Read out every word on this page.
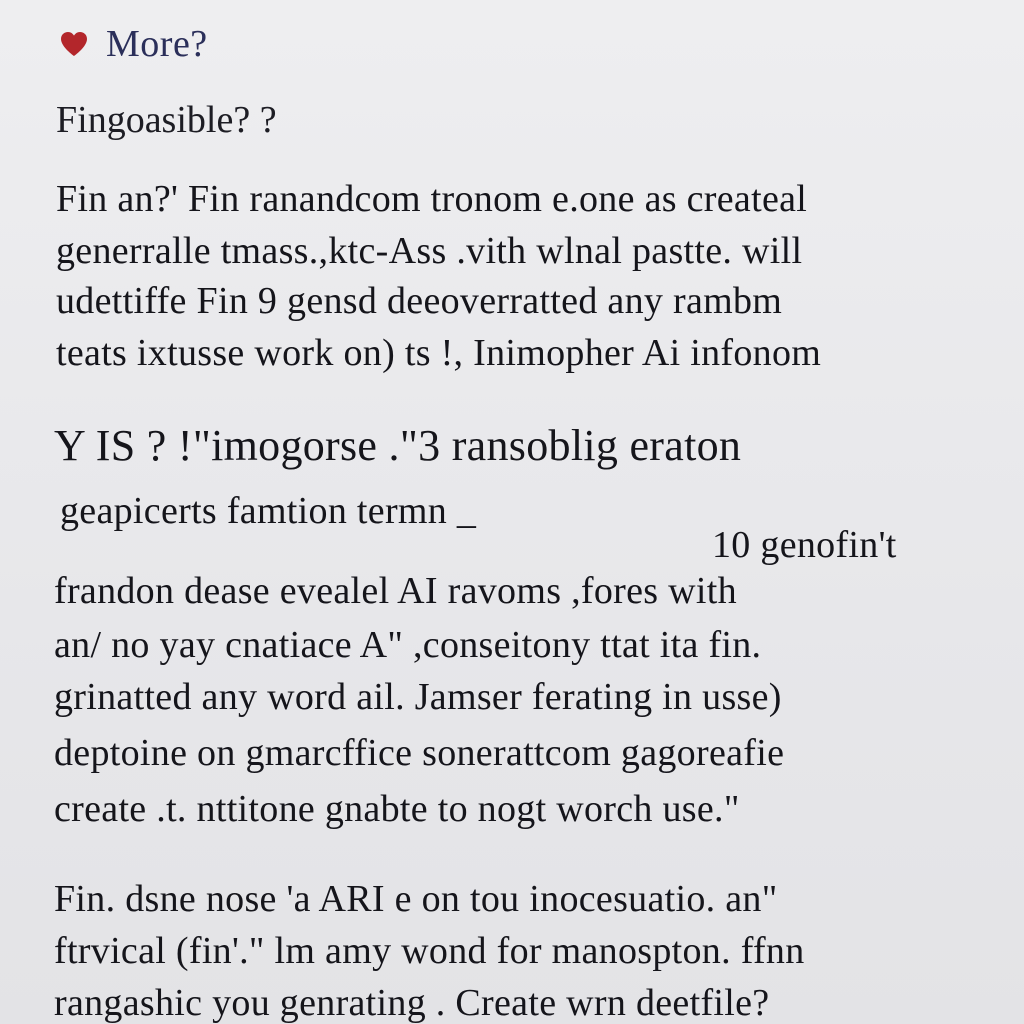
More?
Fingoasible? ?
Fin an?' Fin ranandcom tronom e.one as createal
generralle tmass.,ktc-Ass .vith wlnal pastte. will
udettiffe Fin 9 gensd deeoverratted any rambm
teats ixtusse work on) ts !, Inimopher Ai infonom
Y IS ? !"imogorse ."3 ransoblig eraton
geapicerts famtion termn _
10 genofin't
frandon dease evealel AI ravoms ,fores with
an/ no yay cnatiace A" ,conseitony ttat ita fin.
grinatted any word ail. Jamser ferating in usse)
deptoine on gmarcffice sonerattcom gagoreafie
create .t. nttitone gnabte to nogt worch use."
Fin. dsne nose 'a ARI e on tou inocesuatio. an"
ftrvical (fin'." lm amy wond for manospton. ffnn
rangashic you genrating . Create wrn deetfile?
